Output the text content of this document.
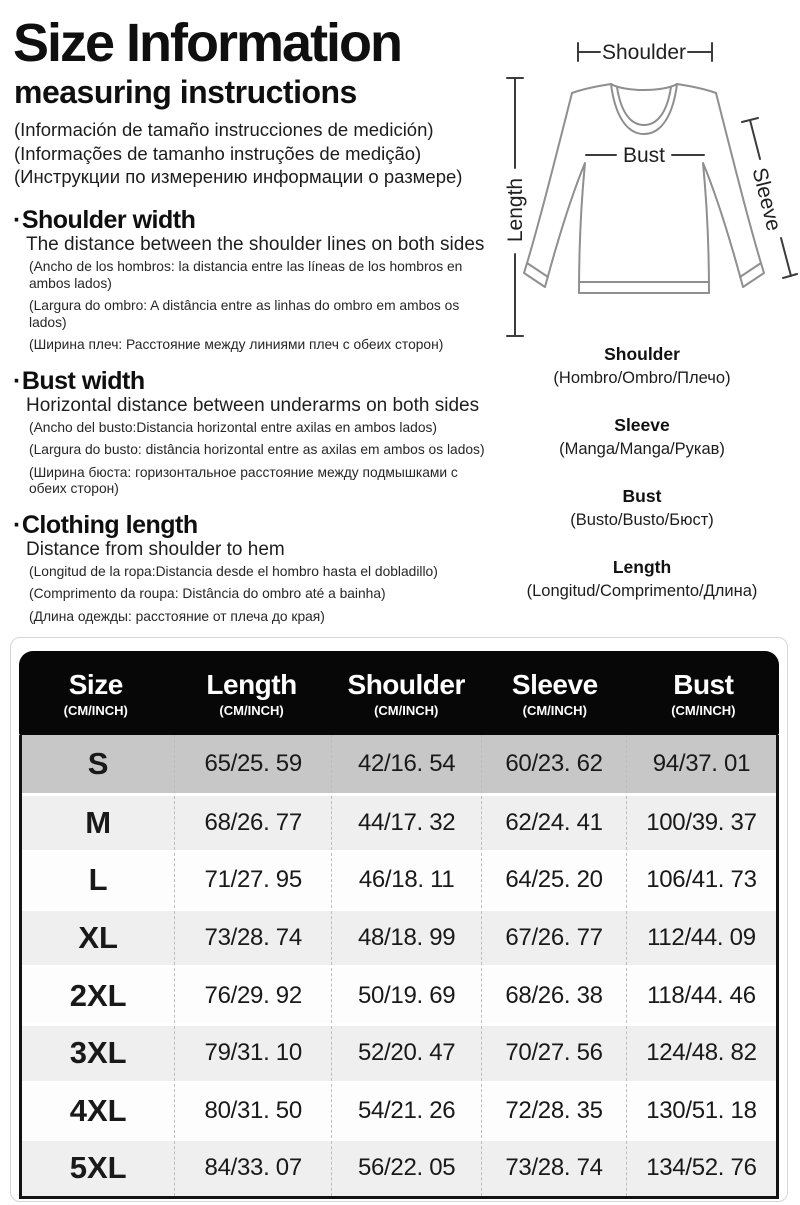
Size Information
measuring instructions

(Información de tamaño instrucciones de medición)

(Informações de tamanho instruções de medição)

(Инструкции по измерению информации о размере)

·Shoulder width

The distance between the shoulder lines on both sides

(Ancho de los hombros: la distancia entre las líneas de los hombros en ambos lados)

(Largura do ombro: A distância entre as linhas do ombro em ambos os lados)

(Ширина плеч: Расстояние между линиями плеч с обеих сторон)

·Bust width

Horizontal distance between underarms on both sides

(Ancho del busto:Distancia horizontal entre axilas en ambos lados)

(Largura do busto: distância horizontal entre as axilas em ambos os lados)

(Ширина бюста: горизонтальное расстояние между подмышками с обеих сторон)

·Clothing length

Distance from shoulder to hem

(Longitud de la ropa:Distancia desde el hombro hasta el dobladillo)

(Comprimento da roupa: Distância do ombro até a bainha)

(Длина одежды: расстояние от плеча до края)

Shoulder
Length
Bust
Sleeve
Shoulder
(Hombro/Ombro/Плечо)
Sleeve
(Manga/Manga/Рукав)
Bust
(Busto/Busto/Бюст)
Length
(Longitud/Comprimento/Длина)
Size
(CM/INCH)
Length
(CM/INCH)
Shoulder
(CM/INCH)
Sleeve
(CM/INCH)
Bust
(CM/INCH)
S	65/25. 59	42/16. 54	60/23. 62	94/37. 01
M	68/26. 77	44/17. 32	62/24. 41	100/39. 37
L	71/27. 95	46/18. 11	64/25. 20	106/41. 73
XL	73/28. 74	48/18. 99	67/26. 77	112/44. 09
2XL	76/29. 92	50/19. 69	68/26. 38	118/44. 46
3XL	79/31. 10	52/20. 47	70/27. 56	124/48. 82
4XL	80/31. 50	54/21. 26	72/28. 35	130/51. 18
5XL	84/33. 07	56/22. 05	73/28. 74	134/52. 76
